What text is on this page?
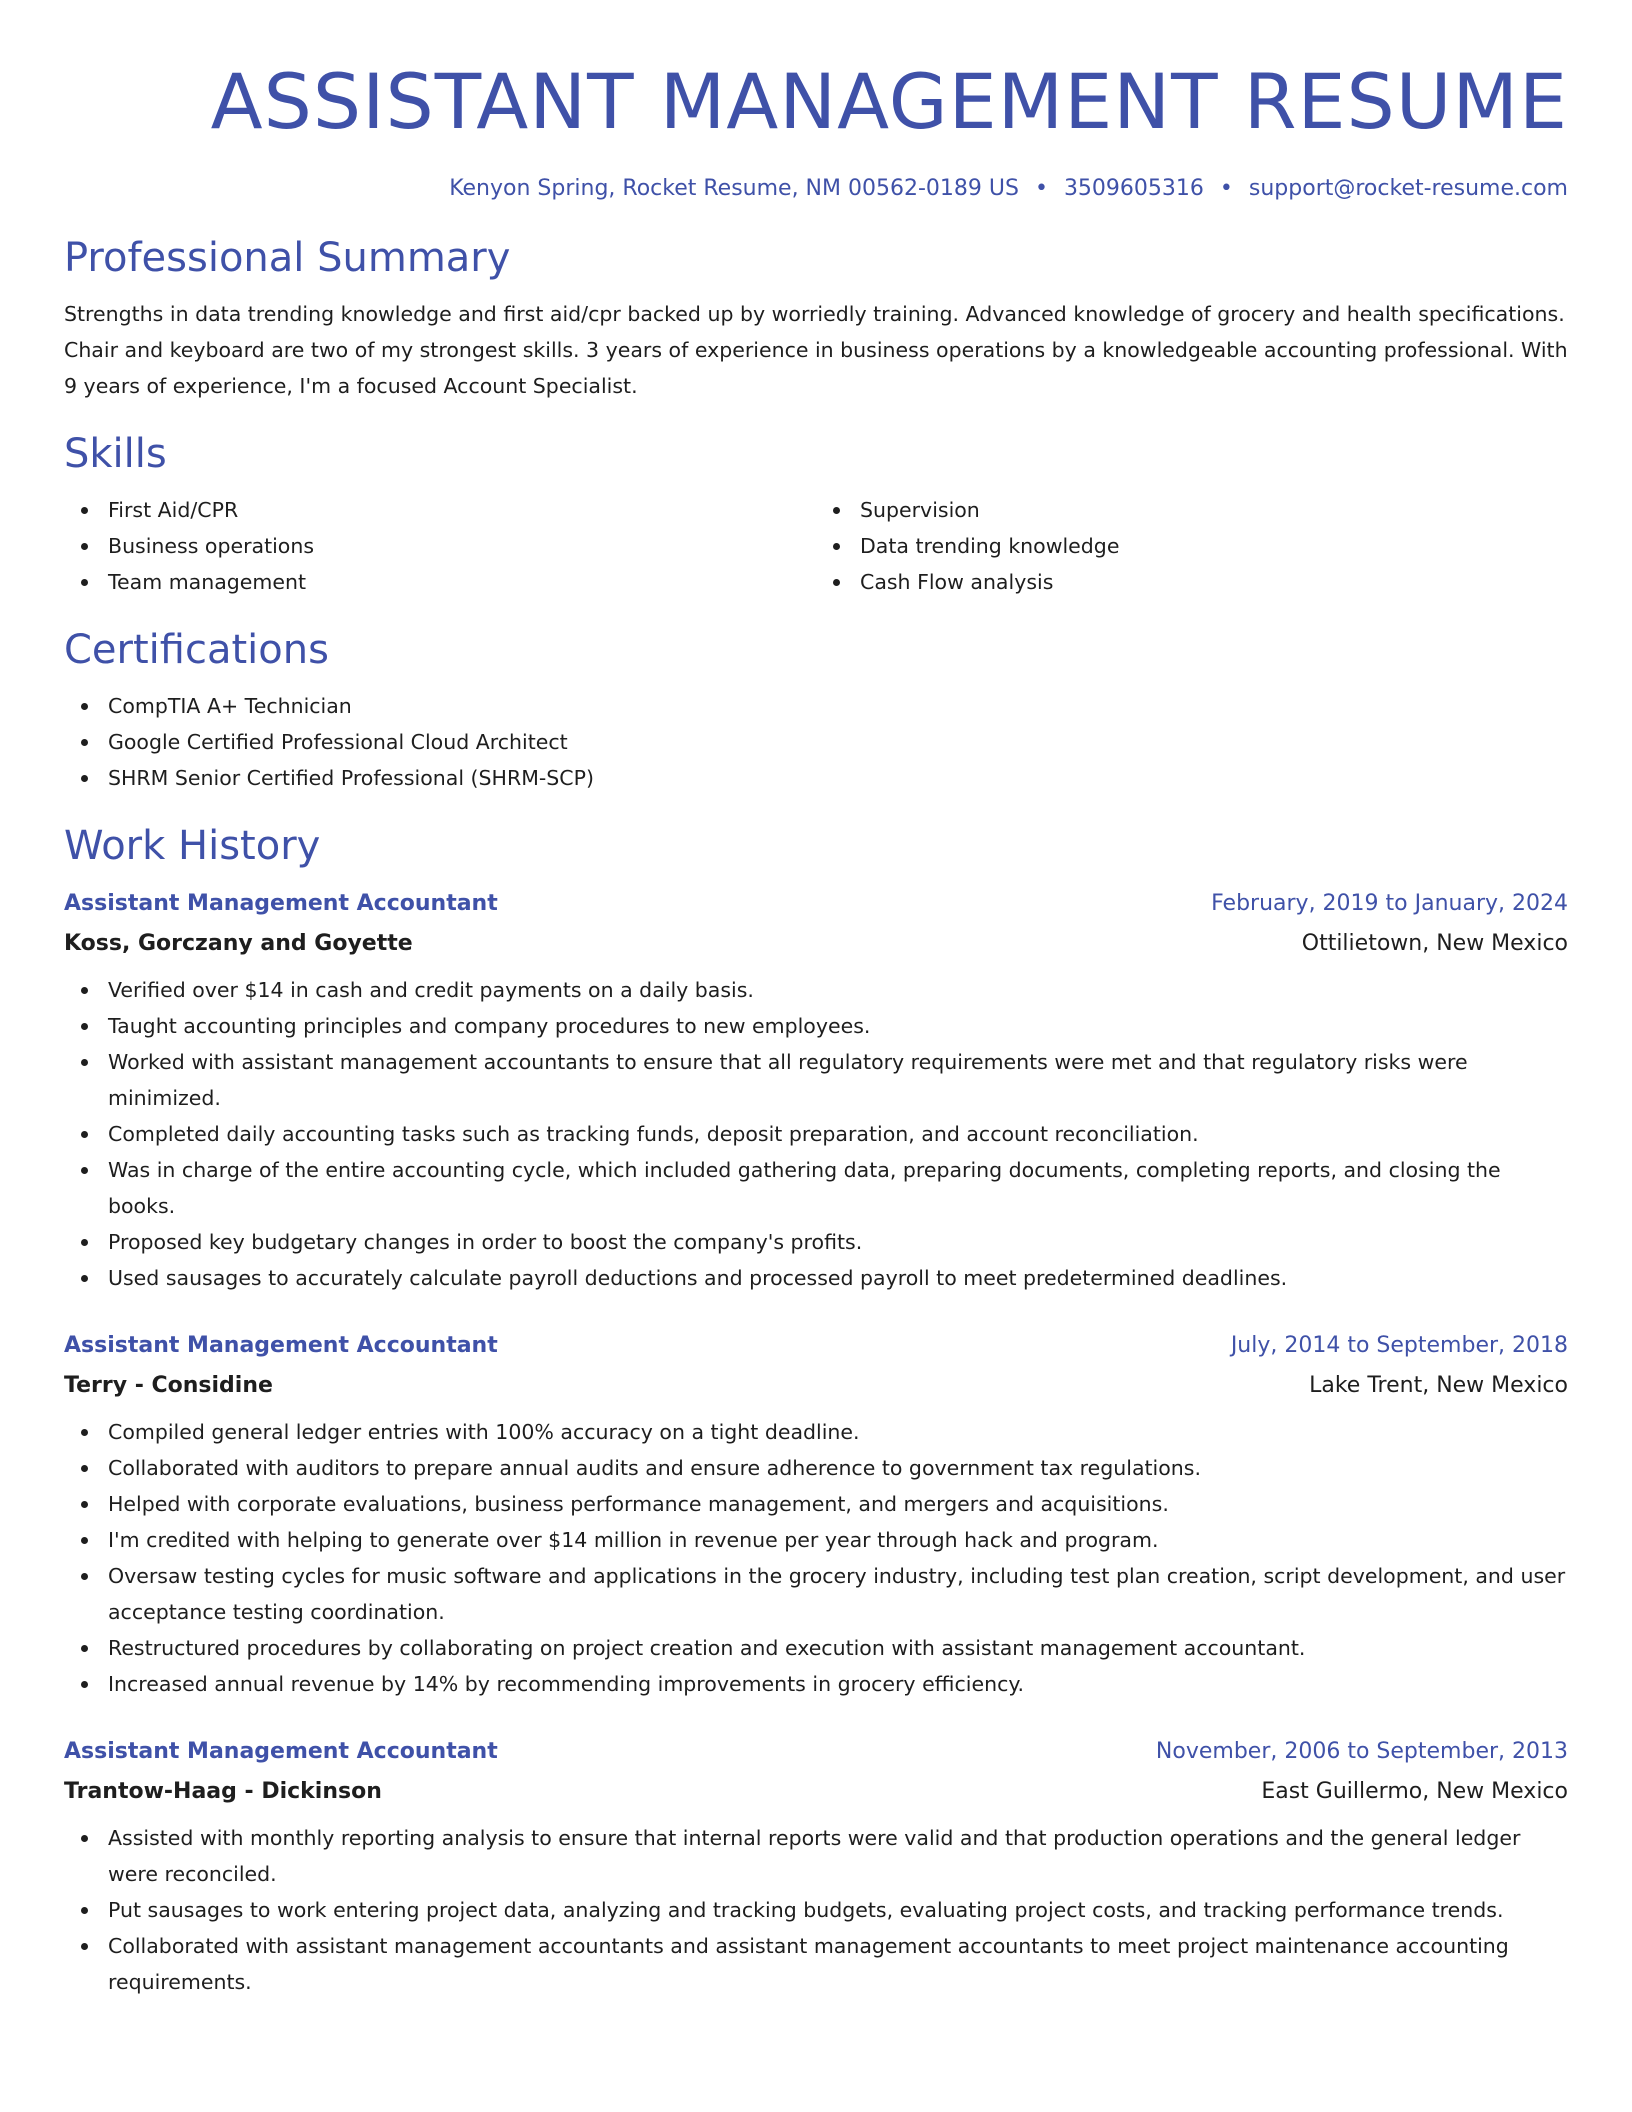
ASSISTANT MANAGEMENT RESUME
Kenyon Spring, Rocket Resume, NM 00562-0189 US • 3509605316 • support@rocket-resume.com
Professional Summary

Strengths in data trending knowledge and first aid/cpr backed up by worriedly training. Advanced knowledge of grocery and health specifications. Chair and keyboard are two of my strongest skills. 3 years of experience in business operations by a knowledgeable accounting professional. With 9 years of experience, I'm a focused Account Specialist.

Skills
First Aid/CPR
Business operations
Team management
Supervision
Data trending knowledge
Cash Flow analysis
Certifications
CompTIA A+ Technician
Google Certified Professional Cloud Architect
SHRM Senior Certified Professional (SHRM-SCP)
Work History
Assistant Management Accountant	February, 2019 to January, 2024
Koss, Gorczany and Goyette	Ottilietown, New Mexico
Verified over $14 in cash and credit payments on a daily basis.
Taught accounting principles and company procedures to new employees.
Worked with assistant management accountants to ensure that all regulatory requirements were met and that regulatory risks were minimized.
Completed daily accounting tasks such as tracking funds, deposit preparation, and account reconciliation.
Was in charge of the entire accounting cycle, which included gathering data, preparing documents, completing reports, and closing the books.
Proposed key budgetary changes in order to boost the company's profits.
Used sausages to accurately calculate payroll deductions and processed payroll to meet predetermined deadlines.
Assistant Management Accountant	July, 2014 to September, 2018
Terry - Considine	Lake Trent, New Mexico
Compiled general ledger entries with 100% accuracy on a tight deadline.
Collaborated with auditors to prepare annual audits and ensure adherence to government tax regulations.
Helped with corporate evaluations, business performance management, and mergers and acquisitions.
I'm credited with helping to generate over $14 million in revenue per year through hack and program.
Oversaw testing cycles for music software and applications in the grocery industry, including test plan creation, script development, and user acceptance testing coordination.
Restructured procedures by collaborating on project creation and execution with assistant management accountant.
Increased annual revenue by 14% by recommending improvements in grocery efficiency.
Assistant Management Accountant	November, 2006 to September, 2013
Trantow-Haag - Dickinson	East Guillermo, New Mexico
Assisted with monthly reporting analysis to ensure that internal reports were valid and that production operations and the general ledger were reconciled.
Put sausages to work entering project data, analyzing and tracking budgets, evaluating project costs, and tracking performance trends.
Collaborated with assistant management accountants and assistant management accountants to meet project maintenance accounting requirements.
